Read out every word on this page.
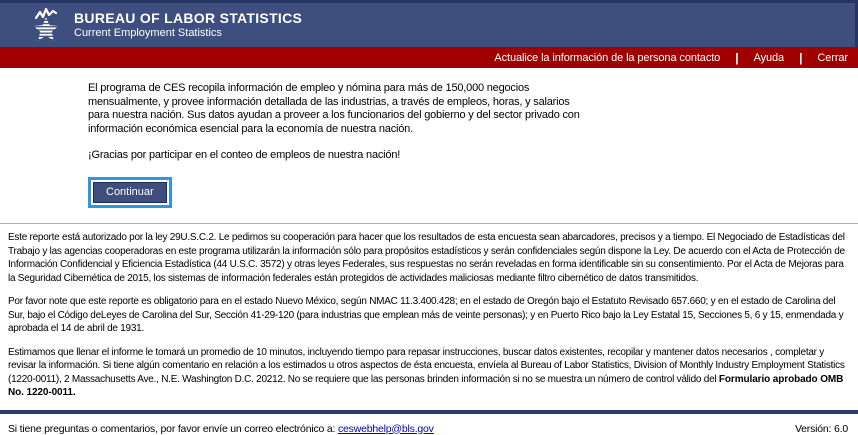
BUREAU OF LABOR STATISTICS
Current Employment Statistics
Actualice la información de la persona contacto | Ayuda | Cerrar

El programa de CES recopila información de empleo y nómina para más de 150,000 negocios mensualmente, y provee información detallada de las industrias, a través de empleos, horas, y salarios para nuestra nación. Sus datos ayudan a proveer a los funcionarios del gobierno y del sector privado con información económica esencial para la economía de nuestra nación.

¡Gracias por participar en el conteo de empleos de nuestra nación!

Continuar

Este reporte está autorizado por la ley 29U.S.C.2. Le pedimos su cooperación para hacer que los resultados de esta encuesta sean abarcadores, precisos y a tiempo. El Negociado de Estadísticas del Trabajo y las agencias cooperadoras en este programa utilizarán la información sólo para propósitos estadísticos y serán confidenciales según dispone la Ley. De acuerdo con el Acta de Protección de Información Confidencial y Eficiencia Estadística (44 U.S.C. 3572) y otras leyes Federales, sus respuestas no serán reveladas en forma identificable sin su consentimiento. Por el Acta de Mejoras para la Seguridad Cibernética de 2015, los sistemas de información federales están protegidos de actividades maliciosas mediante filtro cibernético de datos transmitidos.

Por favor note que este reporte es obligatorio para en el estado Nuevo México, según NMAC 11.3.400.428; en el estado de Oregón bajo el Estatuto Revisado 657.660; y en el estado de Carolina del Sur, bajo el Código deLeyes de Carolina del Sur, Sección 41-29-120 (para industrias que emplean más de veinte personas); y en Puerto Rico bajo la Ley Estatal 15, Secciones 5, 6 y 15, enmendada y aprobada el 14 de abril de 1931.

Estimamos que llenar el informe le tomará un promedio de 10 minutos, incluyendo tiempo para repasar instrucciones, buscar datos existentes, recopilar y mantener datos necesarios , completar y revisar la información. Si tiene algún comentario en relación a los estimados u otros aspectos de ésta encuesta, envíela al Bureau of Labor Statistics, Division of Monthly Industry Employment Statistics (1220-0011), 2 Massachusetts Ave., N.E. Washington D.C. 20212. No se requiere que las personas brinden información si no se muestra un número de control válido del Formulario aprobado OMB No. 1220-0011.

Si tiene preguntas o comentarios, por favor envíe un correo electrónico a: ceswebhelp@bls.gov	Versión: 6.0
